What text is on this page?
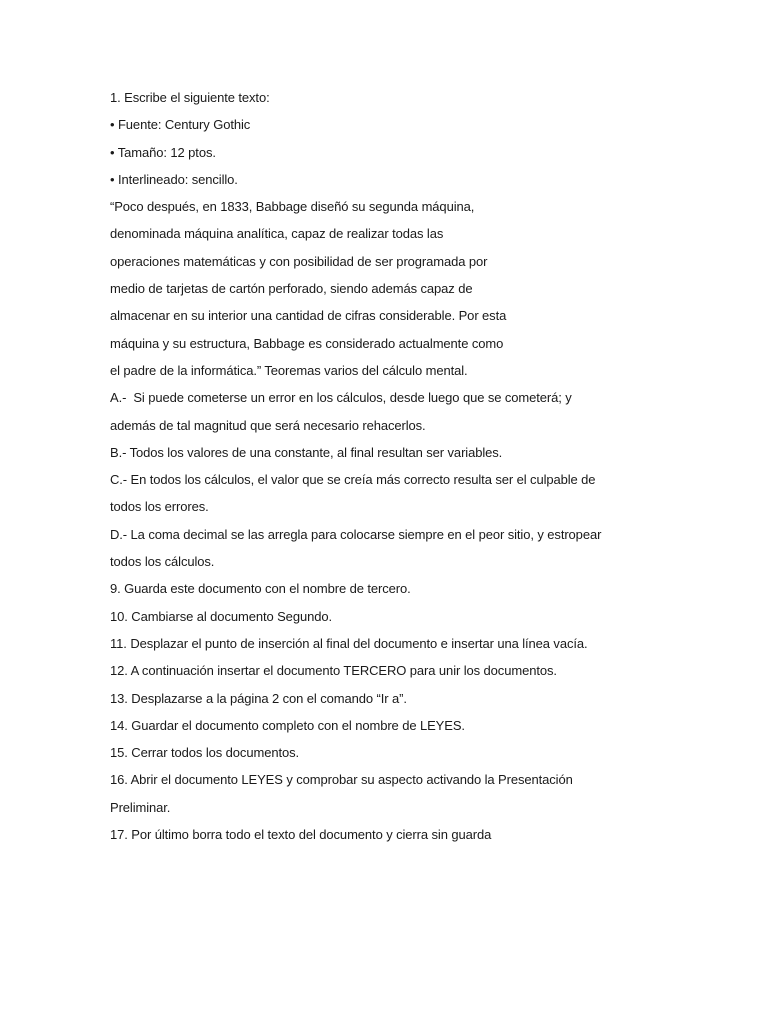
1. Escribe el siguiente texto:
• Fuente: Century Gothic
• Tamaño: 12 ptos.
• Interlineado: sencillo.
“Poco después, en 1833, Babbage diseñó su segunda máquina,
denominada máquina analítica, capaz de realizar todas las
operaciones matemáticas y con posibilidad de ser programada por
medio de tarjetas de cartón perforado, siendo además capaz de
almacenar en su interior una cantidad de cifras considerable. Por esta
máquina y su estructura, Babbage es considerado actualmente como
el padre de la informática.” Teoremas varios del cálculo mental.
A.-  Si puede cometerse un error en los cálculos, desde luego que se cometerá; y
además de tal magnitud que será necesario rehacerlos.
B.- Todos los valores de una constante, al final resultan ser variables.
C.- En todos los cálculos, el valor que se creía más correcto resulta ser el culpable de
todos los errores.
D.- La coma decimal se las arregla para colocarse siempre en el peor sitio, y estropear
todos los cálculos.
9. Guarda este documento con el nombre de tercero.
10. Cambiarse al documento Segundo.
11. Desplazar el punto de inserción al final del documento e insertar una línea vacía.
12. A continuación insertar el documento TERCERO para unir los documentos.
13. Desplazarse a la página 2 con el comando “Ir a”.
14. Guardar el documento completo con el nombre de LEYES.
15. Cerrar todos los documentos.
16. Abrir el documento LEYES y comprobar su aspecto activando la Presentación
Preliminar.
17. Por último borra todo el texto del documento y cierra sin guarda
